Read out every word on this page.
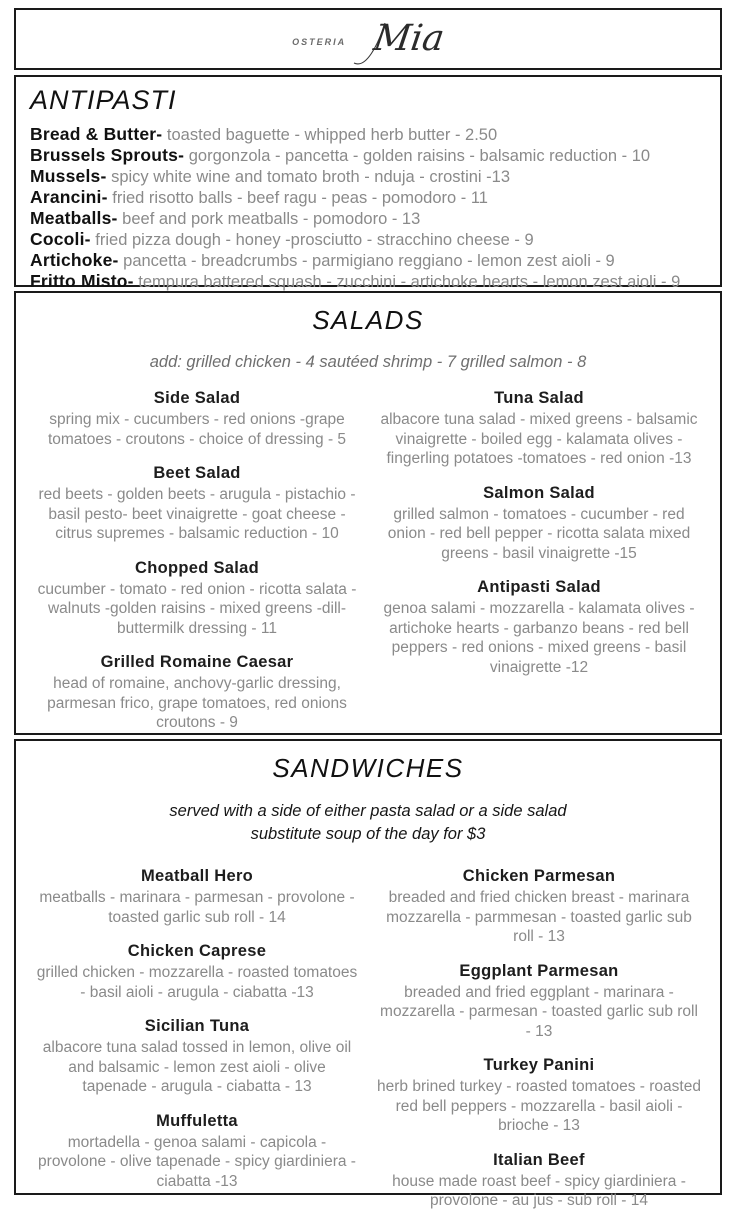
OSTERIA Mia
ANTIPASTI
Bread & Butter- toasted baguette - whipped herb butter - 2.50
Brussels Sprouts- gorgonzola - pancetta - golden raisins - balsamic reduction - 10
Mussels- spicy white wine and tomato broth - nduja - crostini -13
Arancini- fried risotto balls - beef ragu - peas - pomodoro - 11
Meatballs- beef and pork meatballs - pomodoro - 13
Cocoli- fried pizza dough - honey -prosciutto - stracchino cheese - 9
Artichoke- pancetta - breadcrumbs - parmigiano reggiano - lemon zest aioli - 9
Fritto Misto- tempura battered squash - zucchini - artichoke hearts - lemon zest aioli - 9
SALADS
add: grilled chicken - 4 sautéed shrimp - 7 grilled salmon - 8
Side Salad
spring mix - cucumbers - red onions -grape tomatoes - croutons - choice of dressing - 5
Beet Salad
red beets - golden beets - arugula - pistachio - basil pesto- beet vinaigrette - goat cheese - citrus supremes - balsamic reduction - 10
Chopped Salad
cucumber - tomato - red onion - ricotta salata - walnuts -golden raisins - mixed greens -dill-buttermilk dressing - 11
Grilled Romaine Caesar
head of romaine, anchovy-garlic dressing, parmesan frico, grape tomatoes, red onions croutons - 9
Tuna Salad
albacore tuna salad - mixed greens - balsamic vinaigrette - boiled egg - kalamata olives - fingerling potatoes -tomatoes - red onion -13
Salmon Salad
grilled salmon - tomatoes - cucumber - red onion - red bell pepper - ricotta salata mixed greens - basil vinaigrette -15
Antipasti Salad
genoa salami - mozzarella - kalamata olives - artichoke hearts - garbanzo beans - red bell peppers - red onions - mixed greens - basil vinaigrette -12
SANDWICHES
served with a side of either pasta salad or a side salad
substitute soup of the day for $3
Meatball Hero
meatballs - marinara - parmesan - provolone - toasted garlic sub roll - 14
Chicken Caprese
grilled chicken - mozzarella - roasted tomatoes - basil aioli - arugula - ciabatta -13
Sicilian Tuna
albacore tuna salad tossed in lemon, olive oil and balsamic - lemon zest aioli - olive tapenade - arugula - ciabatta - 13
Muffuletta
mortadella - genoa salami - capicola - provolone - olive tapenade - spicy giardiniera - ciabatta -13
Chicken Parmesan
breaded and fried chicken breast - marinara mozzarella - parmmesan - toasted garlic sub roll - 13
Eggplant Parmesan
breaded and fried eggplant - marinara - mozzarella - parmesan - toasted garlic sub roll - 13
Turkey Panini
herb brined turkey - roasted tomatoes - roasted red bell peppers - mozzarella - basil aioli - brioche - 13
Italian Beef
house made roast beef - spicy giardiniera - provolone - au jus - sub roll - 14
